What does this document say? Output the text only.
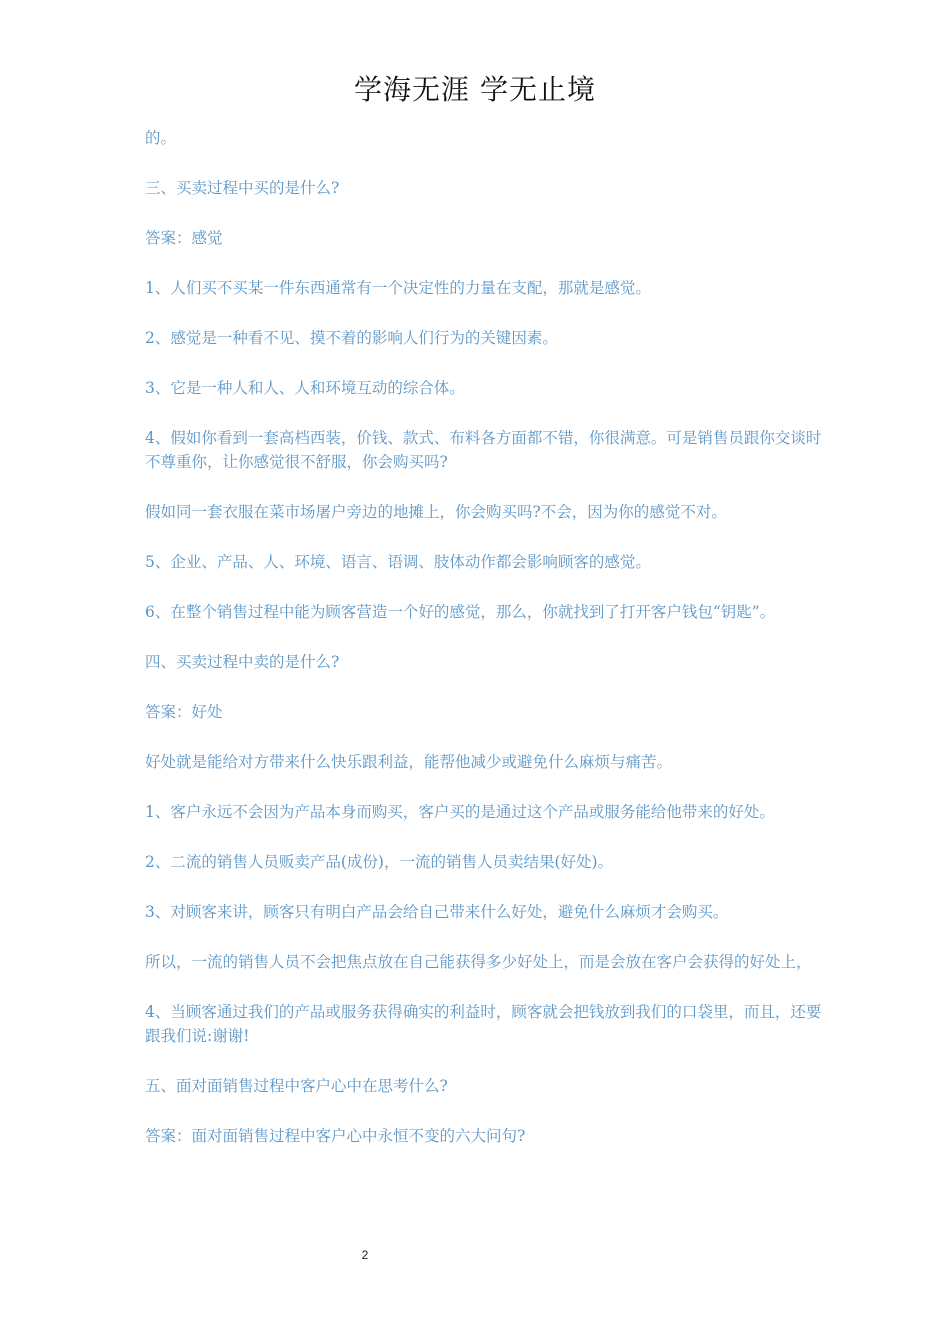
学海无涯 学无止境

的。

三、买卖过程中买的是什么?

答案：感觉

1、人们买不买某一件东西通常有一个决定性的力量在支配，那就是感觉。

2、感觉是一种看不见、摸不着的影响人们行为的关键因素。

3、它是一种人和人、人和环境互动的综合体。

4、假如你看到一套高档西装，价钱、款式、布料各方面都不错，你很满意。可是销售员跟你交谈时不尊重你，让你感觉很不舒服，你会购买吗?

假如同一套衣服在菜市场屠户旁边的地摊上，你会购买吗?不会，因为你的感觉不对。

5、企业、产品、人、环境、语言、语调、肢体动作都会影响顾客的感觉。

6、在整个销售过程中能为顾客营造一个好的感觉，那么，你就找到了打开客户钱包“钥匙”。

四、买卖过程中卖的是什么?

答案：好处

好处就是能给对方带来什么快乐跟利益，能帮他减少或避免什么麻烦与痛苦。

1、客户永远不会因为产品本身而购买，客户买的是通过这个产品或服务能给他带来的好处。

2、二流的销售人员贩卖产品(成份)，一流的销售人员卖结果(好处)。

3、对顾客来讲，顾客只有明白产品会给自己带来什么好处，避免什么麻烦才会购买。

所以，一流的销售人员不会把焦点放在自己能获得多少好处上，而是会放在客户会获得的好处上，

4、当顾客通过我们的产品或服务获得确实的利益时，顾客就会把钱放到我们的口袋里，而且，还要跟我们说:谢谢!

五、面对面销售过程中客户心中在思考什么?

答案：面对面销售过程中客户心中永恒不变的六大问句?

2
